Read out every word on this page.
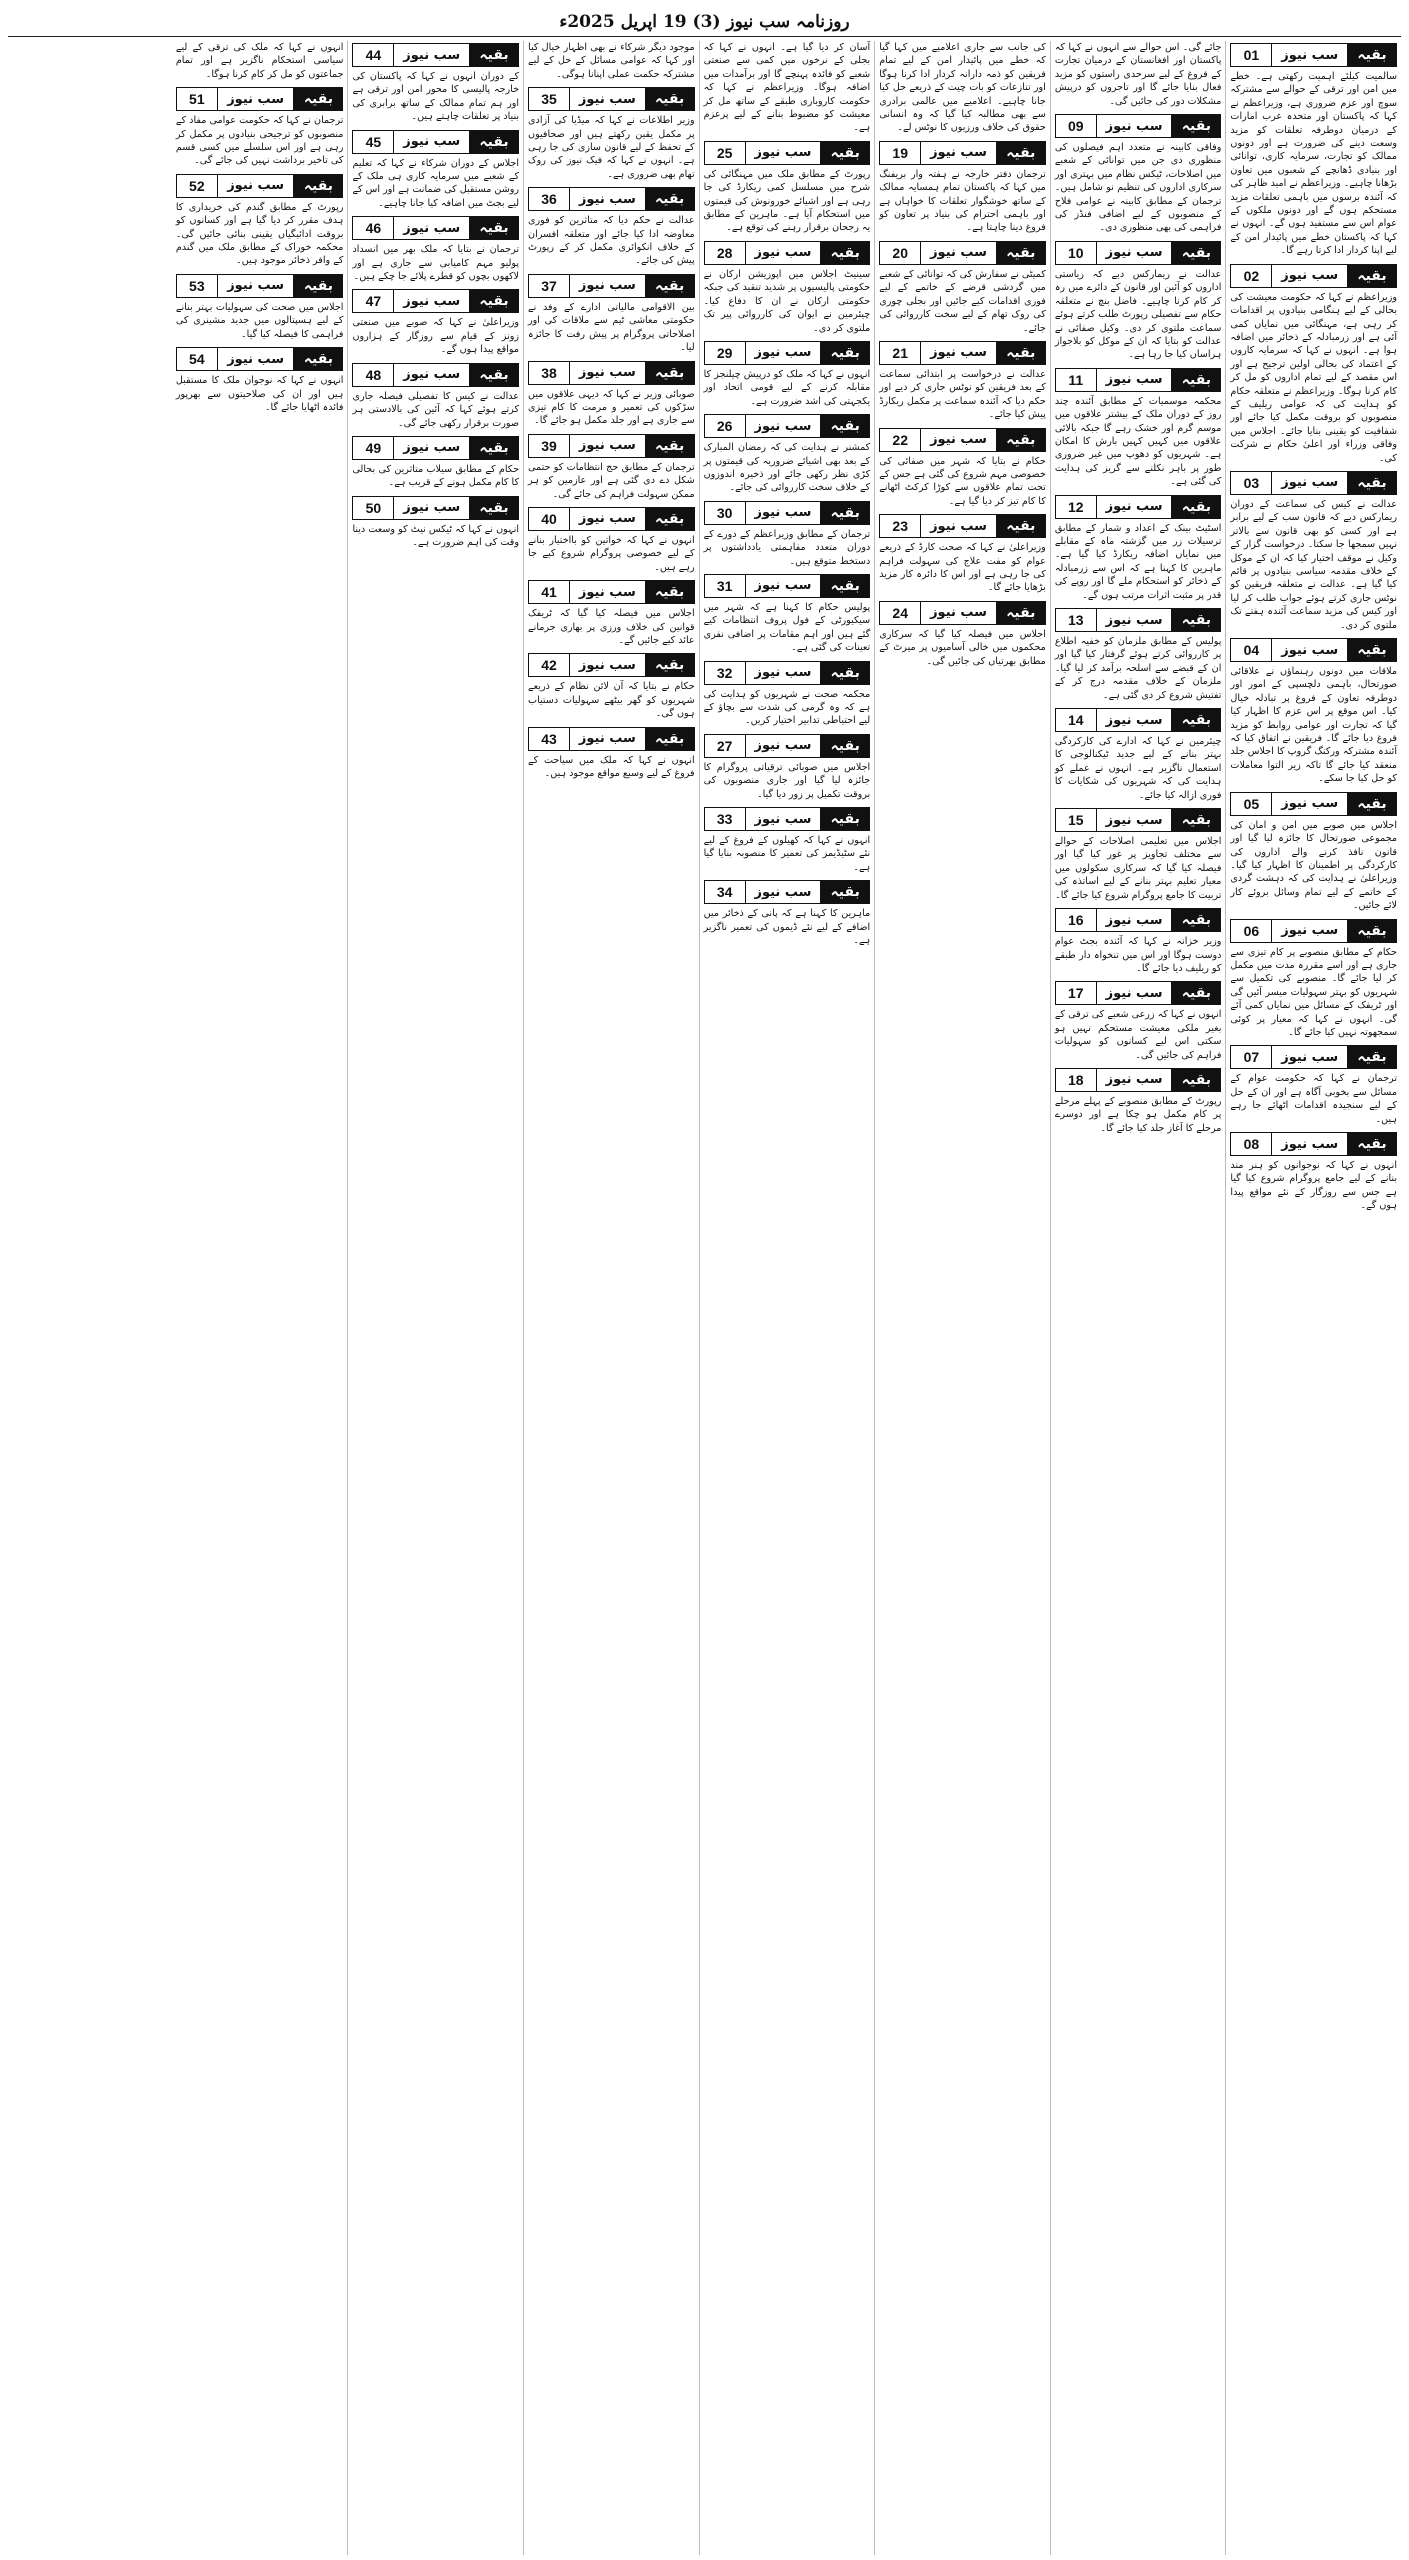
روزنامہ سب نیوز (3) 19 اپریل 2025ء
01	سب نیوز	بقیہ
سالمیت کیلئے اہمیت رکھتی ہے۔ خطے میں امن اور ترقی کے حوالے سے مشترکہ سوچ اور عزم ضروری ہے، وزیراعظم نے کہا کہ پاکستان اور متحدہ عرب امارات کے درمیان دوطرفہ تعلقات کو مزید وسعت دینے کی ضرورت ہے اور دونوں ممالک کو تجارت، سرمایہ کاری، توانائی اور بنیادی ڈھانچے کے شعبوں میں تعاون بڑھانا چاہیے۔ وزیراعظم نے امید ظاہر کی کہ آئندہ برسوں میں باہمی تعلقات مزید مستحکم ہوں گے اور دونوں ملکوں کے عوام اس سے مستفید ہوں گے۔ انہوں نے کہا کہ پاکستان خطے میں پائیدار امن کے لیے اپنا کردار ادا کرتا رہے گا۔
02	سب نیوز	بقیہ
وزیراعظم نے کہا کہ حکومت معیشت کی بحالی کے لیے ہنگامی بنیادوں پر اقدامات کر رہی ہے، مہنگائی میں نمایاں کمی آئی ہے اور زرمبادلہ کے ذخائر میں اضافہ ہوا ہے۔ انہوں نے کہا کہ سرمایہ کاروں کے اعتماد کی بحالی اولین ترجیح ہے اور اس مقصد کے لیے تمام اداروں کو مل کر کام کرنا ہوگا۔ وزیراعظم نے متعلقہ حکام کو ہدایت کی کہ عوامی ریلیف کے منصوبوں کو بروقت مکمل کیا جائے اور شفافیت کو یقینی بنایا جائے۔ اجلاس میں وفاقی وزراء اور اعلیٰ حکام نے شرکت کی۔
03	سب نیوز	بقیہ
عدالت نے کیس کی سماعت کے دوران ریمارکس دیے کہ قانون سب کے لیے برابر ہے اور کسی کو بھی قانون سے بالاتر نہیں سمجھا جا سکتا۔ درخواست گزار کے وکیل نے موقف اختیار کیا کہ ان کے موکل کے خلاف مقدمہ سیاسی بنیادوں پر قائم کیا گیا ہے۔ عدالت نے متعلقہ فریقین کو نوٹس جاری کرتے ہوئے جواب طلب کر لیا اور کیس کی مزید سماعت آئندہ ہفتے تک ملتوی کر دی۔
04	سب نیوز	بقیہ
ملاقات میں دونوں رہنماؤں نے علاقائی صورتحال، باہمی دلچسپی کے امور اور دوطرفہ تعاون کے فروغ پر تبادلہ خیال کیا۔ اس موقع پر اس عزم کا اظہار کیا گیا کہ تجارت اور عوامی روابط کو مزید فروغ دیا جائے گا۔ فریقین نے اتفاق کیا کہ آئندہ مشترکہ ورکنگ گروپ کا اجلاس جلد منعقد کیا جائے گا تاکہ زیر التوا معاملات کو حل کیا جا سکے۔
05	سب نیوز	بقیہ
اجلاس میں صوبے میں امن و امان کی مجموعی صورتحال کا جائزہ لیا گیا اور قانون نافذ کرنے والے اداروں کی کارکردگی پر اطمینان کا اظہار کیا گیا۔ وزیراعلیٰ نے ہدایت کی کہ دہشت گردی کے خاتمے کے لیے تمام وسائل بروئے کار لائے جائیں۔
06	سب نیوز	بقیہ
حکام کے مطابق منصوبے پر کام تیزی سے جاری ہے اور اسے مقررہ مدت میں مکمل کر لیا جائے گا۔ منصوبے کی تکمیل سے شہریوں کو بہتر سہولیات میسر آئیں گی اور ٹریفک کے مسائل میں نمایاں کمی آئے گی۔ انہوں نے کہا کہ معیار پر کوئی سمجھوتہ نہیں کیا جائے گا۔
07	سب نیوز	بقیہ
ترجمان نے کہا کہ حکومت عوام کے مسائل سے بخوبی آگاہ ہے اور ان کے حل کے لیے سنجیدہ اقدامات اٹھائے جا رہے ہیں۔
08	سب نیوز	بقیہ
انہوں نے کہا کہ نوجوانوں کو ہنر مند بنانے کے لیے جامع پروگرام شروع کیا گیا ہے جس سے روزگار کے نئے مواقع پیدا ہوں گے۔
جائے گی۔ اس حوالے سے انہوں نے کہا کہ پاکستان اور افغانستان کے درمیان تجارت کے فروغ کے لیے سرحدی راستوں کو مزید فعال بنایا جائے گا اور تاجروں کو درپیش مشکلات دور کی جائیں گی۔
09	سب نیوز	بقیہ
وفاقی کابینہ نے متعدد اہم فیصلوں کی منظوری دی جن میں توانائی کے شعبے میں اصلاحات، ٹیکس نظام میں بہتری اور سرکاری اداروں کی تنظیم نو شامل ہیں۔ ترجمان کے مطابق کابینہ نے عوامی فلاح کے منصوبوں کے لیے اضافی فنڈز کی فراہمی کی بھی منظوری دی۔
10	سب نیوز	بقیہ
عدالت نے ریمارکس دیے کہ ریاستی اداروں کو آئین اور قانون کے دائرے میں رہ کر کام کرنا چاہیے۔ فاضل بنچ نے متعلقہ حکام سے تفصیلی رپورٹ طلب کرتے ہوئے سماعت ملتوی کر دی۔ وکیل صفائی نے عدالت کو بتایا کہ ان کے موکل کو بلاجواز ہراساں کیا جا رہا ہے۔
11	سب نیوز	بقیہ
محکمہ موسمیات کے مطابق آئندہ چند روز کے دوران ملک کے بیشتر علاقوں میں موسم گرم اور خشک رہے گا جبکہ بالائی علاقوں میں کہیں کہیں بارش کا امکان ہے۔ شہریوں کو دھوپ میں غیر ضروری طور پر باہر نکلنے سے گریز کی ہدایت کی گئی ہے۔
12	سب نیوز	بقیہ
اسٹیٹ بینک کے اعداد و شمار کے مطابق ترسیلات زر میں گزشتہ ماہ کے مقابلے میں نمایاں اضافہ ریکارڈ کیا گیا ہے۔ ماہرین کا کہنا ہے کہ اس سے زرمبادلہ کے ذخائر کو استحکام ملے گا اور روپے کی قدر پر مثبت اثرات مرتب ہوں گے۔
13	سب نیوز	بقیہ
پولیس کے مطابق ملزمان کو خفیہ اطلاع پر کارروائی کرتے ہوئے گرفتار کیا گیا اور ان کے قبضے سے اسلحہ برآمد کر لیا گیا۔ ملزمان کے خلاف مقدمہ درج کر کے تفتیش شروع کر دی گئی ہے۔
14	سب نیوز	بقیہ
چیئرمین نے کہا کہ ادارے کی کارکردگی بہتر بنانے کے لیے جدید ٹیکنالوجی کا استعمال ناگزیر ہے۔ انہوں نے عملے کو ہدایت کی کہ شہریوں کی شکایات کا فوری ازالہ کیا جائے۔
15	سب نیوز	بقیہ
اجلاس میں تعلیمی اصلاحات کے حوالے سے مختلف تجاویز پر غور کیا گیا اور فیصلہ کیا گیا کہ سرکاری سکولوں میں معیار تعلیم بہتر بنانے کے لیے اساتذہ کی تربیت کا جامع پروگرام شروع کیا جائے گا۔
16	سب نیوز	بقیہ
وزیر خزانہ نے کہا کہ آئندہ بجٹ عوام دوست ہوگا اور اس میں تنخواہ دار طبقے کو ریلیف دیا جائے گا۔
17	سب نیوز	بقیہ
انہوں نے کہا کہ زرعی شعبے کی ترقی کے بغیر ملکی معیشت مستحکم نہیں ہو سکتی اس لیے کسانوں کو سہولیات فراہم کی جائیں گی۔
18	سب نیوز	بقیہ
رپورٹ کے مطابق منصوبے کے پہلے مرحلے پر کام مکمل ہو چکا ہے اور دوسرے مرحلے کا آغاز جلد کیا جائے گا۔
کی جانب سے جاری اعلامیے میں کہا گیا کہ خطے میں پائیدار امن کے لیے تمام فریقین کو ذمہ دارانہ کردار ادا کرنا ہوگا اور تنازعات کو بات چیت کے ذریعے حل کیا جانا چاہیے۔ اعلامیے میں عالمی برادری سے بھی مطالبہ کیا گیا کہ وہ انسانی حقوق کی خلاف ورزیوں کا نوٹس لے۔
19	سب نیوز	بقیہ
ترجمان دفتر خارجہ نے ہفتہ وار بریفنگ میں کہا کہ پاکستان تمام ہمسایہ ممالک کے ساتھ خوشگوار تعلقات کا خواہاں ہے اور باہمی احترام کی بنیاد پر تعاون کو فروغ دینا چاہتا ہے۔
20	سب نیوز	بقیہ
کمیٹی نے سفارش کی کہ توانائی کے شعبے میں گردشی قرضے کے خاتمے کے لیے فوری اقدامات کیے جائیں اور بجلی چوری کی روک تھام کے لیے سخت کارروائی کی جائے۔
21	سب نیوز	بقیہ
عدالت نے درخواست پر ابتدائی سماعت کے بعد فریقین کو نوٹس جاری کر دیے اور حکم دیا کہ آئندہ سماعت پر مکمل ریکارڈ پیش کیا جائے۔
22	سب نیوز	بقیہ
حکام نے بتایا کہ شہر میں صفائی کی خصوصی مہم شروع کی گئی ہے جس کے تحت تمام علاقوں سے کوڑا کرکٹ اٹھانے کا کام تیز کر دیا گیا ہے۔
23	سب نیوز	بقیہ
وزیراعلیٰ نے کہا کہ صحت کارڈ کے ذریعے عوام کو مفت علاج کی سہولت فراہم کی جا رہی ہے اور اس کا دائرہ کار مزید بڑھایا جائے گا۔
24	سب نیوز	بقیہ
اجلاس میں فیصلہ کیا گیا کہ سرکاری محکموں میں خالی آسامیوں پر میرٹ کے مطابق بھرتیاں کی جائیں گی۔
آسان کر دیا گیا ہے۔ انہوں نے کہا کہ بجلی کے نرخوں میں کمی سے صنعتی شعبے کو فائدہ پہنچے گا اور برآمدات میں اضافہ ہوگا۔ وزیراعظم نے کہا کہ حکومت کاروباری طبقے کے ساتھ مل کر معیشت کو مضبوط بنانے کے لیے پرعزم ہے۔
25	سب نیوز	بقیہ
رپورٹ کے مطابق ملک میں مہنگائی کی شرح میں مسلسل کمی ریکارڈ کی جا رہی ہے اور اشیائے خورونوش کی قیمتوں میں استحکام آیا ہے۔ ماہرین کے مطابق یہ رجحان برقرار رہنے کی توقع ہے۔
28	سب نیوز	بقیہ
سینیٹ اجلاس میں اپوزیشن ارکان نے حکومتی پالیسیوں پر شدید تنقید کی جبکہ حکومتی ارکان نے ان کا دفاع کیا۔ چیئرمین نے ایوان کی کارروائی پیر تک ملتوی کر دی۔
29	سب نیوز	بقیہ
انہوں نے کہا کہ ملک کو درپیش چیلنجز کا مقابلہ کرنے کے لیے قومی اتحاد اور یکجہتی کی اشد ضرورت ہے۔
26	سب نیوز	بقیہ
کمشنر نے ہدایت کی کہ رمضان المبارک کے بعد بھی اشیائے ضروریہ کی قیمتوں پر کڑی نظر رکھی جائے اور ذخیرہ اندوزوں کے خلاف سخت کارروائی کی جائے۔
30	سب نیوز	بقیہ
ترجمان کے مطابق وزیراعظم کے دورے کے دوران متعدد مفاہمتی یادداشتوں پر دستخط متوقع ہیں۔
31	سب نیوز	بقیہ
پولیس حکام کا کہنا ہے کہ شہر میں سیکیورٹی کے فول پروف انتظامات کیے گئے ہیں اور اہم مقامات پر اضافی نفری تعینات کی گئی ہے۔
32	سب نیوز	بقیہ
محکمہ صحت نے شہریوں کو ہدایت کی ہے کہ وہ گرمی کی شدت سے بچاؤ کے لیے احتیاطی تدابیر اختیار کریں۔
27	سب نیوز	بقیہ
اجلاس میں صوبائی ترقیاتی پروگرام کا جائزہ لیا گیا اور جاری منصوبوں کی بروقت تکمیل پر زور دیا گیا۔
33	سب نیوز	بقیہ
انہوں نے کہا کہ کھیلوں کے فروغ کے لیے نئے سٹیڈیمز کی تعمیر کا منصوبہ بنایا گیا ہے۔
34	سب نیوز	بقیہ
ماہرین کا کہنا ہے کہ پانی کے ذخائر میں اضافے کے لیے نئے ڈیموں کی تعمیر ناگزیر ہے۔
موجود دیگر شرکاء نے بھی اظہار خیال کیا اور کہا کہ عوامی مسائل کے حل کے لیے مشترکہ حکمت عملی اپنانا ہوگی۔
35	سب نیوز	بقیہ
وزیر اطلاعات نے کہا کہ میڈیا کی آزادی پر مکمل یقین رکھتے ہیں اور صحافیوں کے تحفظ کے لیے قانون سازی کی جا رہی ہے۔ انہوں نے کہا کہ فیک نیوز کی روک تھام بھی ضروری ہے۔
36	سب نیوز	بقیہ
عدالت نے حکم دیا کہ متاثرین کو فوری معاوضہ ادا کیا جائے اور متعلقہ افسران کے خلاف انکوائری مکمل کر کے رپورٹ پیش کی جائے۔
37	سب نیوز	بقیہ
بین الاقوامی مالیاتی ادارے کے وفد نے حکومتی معاشی ٹیم سے ملاقات کی اور اصلاحاتی پروگرام پر پیش رفت کا جائزہ لیا۔
38	سب نیوز	بقیہ
صوبائی وزیر نے کہا کہ دیہی علاقوں میں سڑکوں کی تعمیر و مرمت کا کام تیزی سے جاری ہے اور جلد مکمل ہو جائے گا۔
39	سب نیوز	بقیہ
ترجمان کے مطابق حج انتظامات کو حتمی شکل دے دی گئی ہے اور عازمین کو ہر ممکن سہولت فراہم کی جائے گی۔
40	سب نیوز	بقیہ
انہوں نے کہا کہ خواتین کو بااختیار بنانے کے لیے خصوصی پروگرام شروع کیے جا رہے ہیں۔
41	سب نیوز	بقیہ
اجلاس میں فیصلہ کیا گیا کہ ٹریفک قوانین کی خلاف ورزی پر بھاری جرمانے عائد کیے جائیں گے۔
42	سب نیوز	بقیہ
حکام نے بتایا کہ آن لائن نظام کے ذریعے شہریوں کو گھر بیٹھے سہولیات دستیاب ہوں گی۔
43	سب نیوز	بقیہ
انہوں نے کہا کہ ملک میں سیاحت کے فروغ کے لیے وسیع مواقع موجود ہیں۔
44	سب نیوز	بقیہ
کے دوران انہوں نے کہا کہ پاکستان کی خارجہ پالیسی کا محور امن اور ترقی ہے اور ہم تمام ممالک کے ساتھ برابری کی بنیاد پر تعلقات چاہتے ہیں۔
45	سب نیوز	بقیہ
اجلاس کے دوران شرکاء نے کہا کہ تعلیم کے شعبے میں سرمایہ کاری ہی ملک کے روشن مستقبل کی ضمانت ہے اور اس کے لیے بجٹ میں اضافہ کیا جانا چاہیے۔
46	سب نیوز	بقیہ
ترجمان نے بتایا کہ ملک بھر میں انسداد پولیو مہم کامیابی سے جاری ہے اور لاکھوں بچوں کو قطرے پلائے جا چکے ہیں۔
47	سب نیوز	بقیہ
وزیراعلیٰ نے کہا کہ صوبے میں صنعتی زونز کے قیام سے روزگار کے ہزاروں مواقع پیدا ہوں گے۔
48	سب نیوز	بقیہ
عدالت نے کیس کا تفصیلی فیصلہ جاری کرتے ہوئے کہا کہ آئین کی بالادستی ہر صورت برقرار رکھی جائے گی۔
49	سب نیوز	بقیہ
حکام کے مطابق سیلاب متاثرین کی بحالی کا کام مکمل ہونے کے قریب ہے۔
50	سب نیوز	بقیہ
انہوں نے کہا کہ ٹیکس نیٹ کو وسعت دینا وقت کی اہم ضرورت ہے۔
انہوں نے کہا کہ ملک کی ترقی کے لیے سیاسی استحکام ناگزیر ہے اور تمام جماعتوں کو مل کر کام کرنا ہوگا۔
51	سب نیوز	بقیہ
ترجمان نے کہا کہ حکومت عوامی مفاد کے منصوبوں کو ترجیحی بنیادوں پر مکمل کر رہی ہے اور اس سلسلے میں کسی قسم کی تاخیر برداشت نہیں کی جائے گی۔
52	سب نیوز	بقیہ
رپورٹ کے مطابق گندم کی خریداری کا ہدف مقرر کر دیا گیا ہے اور کسانوں کو بروقت ادائیگیاں یقینی بنائی جائیں گی۔ محکمہ خوراک کے مطابق ملک میں گندم کے وافر ذخائر موجود ہیں۔
53	سب نیوز	بقیہ
اجلاس میں صحت کی سہولیات بہتر بنانے کے لیے ہسپتالوں میں جدید مشینری کی فراہمی کا فیصلہ کیا گیا۔
54	سب نیوز	بقیہ
انہوں نے کہا کہ نوجوان ملک کا مستقبل ہیں اور ان کی صلاحیتوں سے بھرپور فائدہ اٹھایا جائے گا۔
